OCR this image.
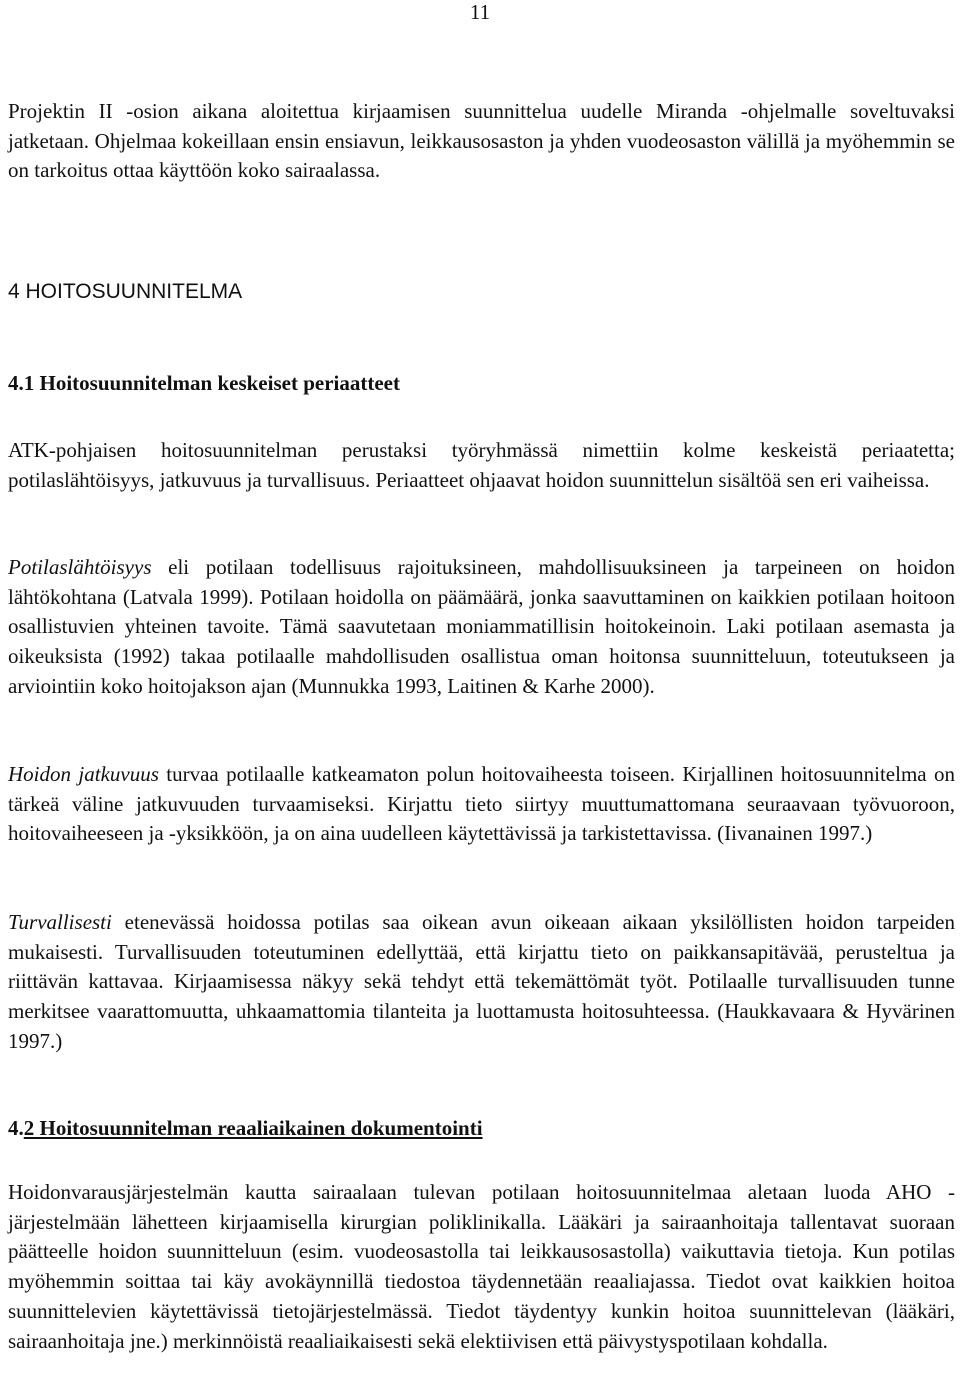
11

Projektin II -osion aikana aloitettua kirjaamisen suunnittelua uudelle Miranda -ohjelmalle soveltuvaksi jatketaan. Ohjelmaa kokeillaan ensin ensiavun, leikkausosaston ja yhden vuodeosaston välillä ja myöhemmin se on tarkoitus ottaa käyttöön koko sairaalassa.

4 HOITOSUUNNITELMA
4.1 Hoitosuunnitelman keskeiset periaatteet

ATK-pohjaisen hoitosuunnitelman perustaksi työryhmässä nimettiin kolme keskeistä periaatetta; potilaslähtöisyys, jatkuvuus ja turvallisuus. Periaatteet ohjaavat hoidon suunnittelun sisältöä sen eri vaiheissa.

Potilaslähtöisyys eli potilaan todellisuus rajoituksineen, mahdollisuuksineen ja tarpeineen on hoidon lähtökohtana (Latvala 1999). Potilaan hoidolla on päämäärä, jonka saavuttaminen on kaikkien potilaan hoitoon osallistuvien yhteinen tavoite. Tämä saavutetaan moniammatillisin hoitokeinoin. Laki potilaan asemasta ja oikeuksista (1992) takaa potilaalle mahdollisuden osallistua oman hoitonsa suunnitteluun, toteutukseen ja arviointiin koko hoitojakson ajan (Munnukka 1993, Laitinen & Karhe 2000).

Hoidon jatkuvuus turvaa potilaalle katkeamaton polun hoitovaiheesta toiseen. Kirjallinen hoitosuunnitelma on tärkeä väline jatkuvuuden turvaamiseksi. Kirjattu tieto siirtyy muuttumattomana seuraavaan työvuoroon, hoitovaiheeseen ja -yksikköön, ja on aina uudelleen käytettävissä ja tarkistettavissa. (Iivanainen 1997.)

Turvallisesti etenevässä hoidossa potilas saa oikean avun oikeaan aikaan yksilöllisten hoidon tarpeiden mukaisesti. Turvallisuuden toteutuminen edellyttää, että kirjattu tieto on paikkansapitävää, perusteltua ja riittävän kattavaa. Kirjaamisessa näkyy sekä tehdyt että tekemättömät työt. Potilaalle turvallisuuden tunne merkitsee vaarattomuutta, uhkaamattomia tilanteita ja luottamusta hoitosuhteessa. (Haukkavaara & Hyvärinen 1997.)

4.2 Hoitosuunnitelman reaaliaikainen dokumentointi

Hoidonvarausjärjestelmän kautta sairaalaan tulevan potilaan hoitosuunnitelmaa aletaan luoda AHO -järjestelmään lähetteen kirjaamisella kirurgian poliklinikalla. Lääkäri ja sairaanhoitaja tallentavat suoraan päätteelle hoidon suunnitteluun (esim. vuodeosastolla tai leikkausosastolla) vaikuttavia tietoja. Kun potilas myöhemmin soittaa tai käy avokäynnillä tiedostoa täydennetään reaaliajassa. Tiedot ovat kaikkien hoitoa suunnittelevien käytettävissä tietojärjestelmässä. Tiedot täydentyy kunkin hoitoa suunnittelevan (lääkäri, sairaanhoitaja jne.) merkinnöistä reaaliaikaisesti sekä elektiivisen että päivystyspotilaan kohdalla.
